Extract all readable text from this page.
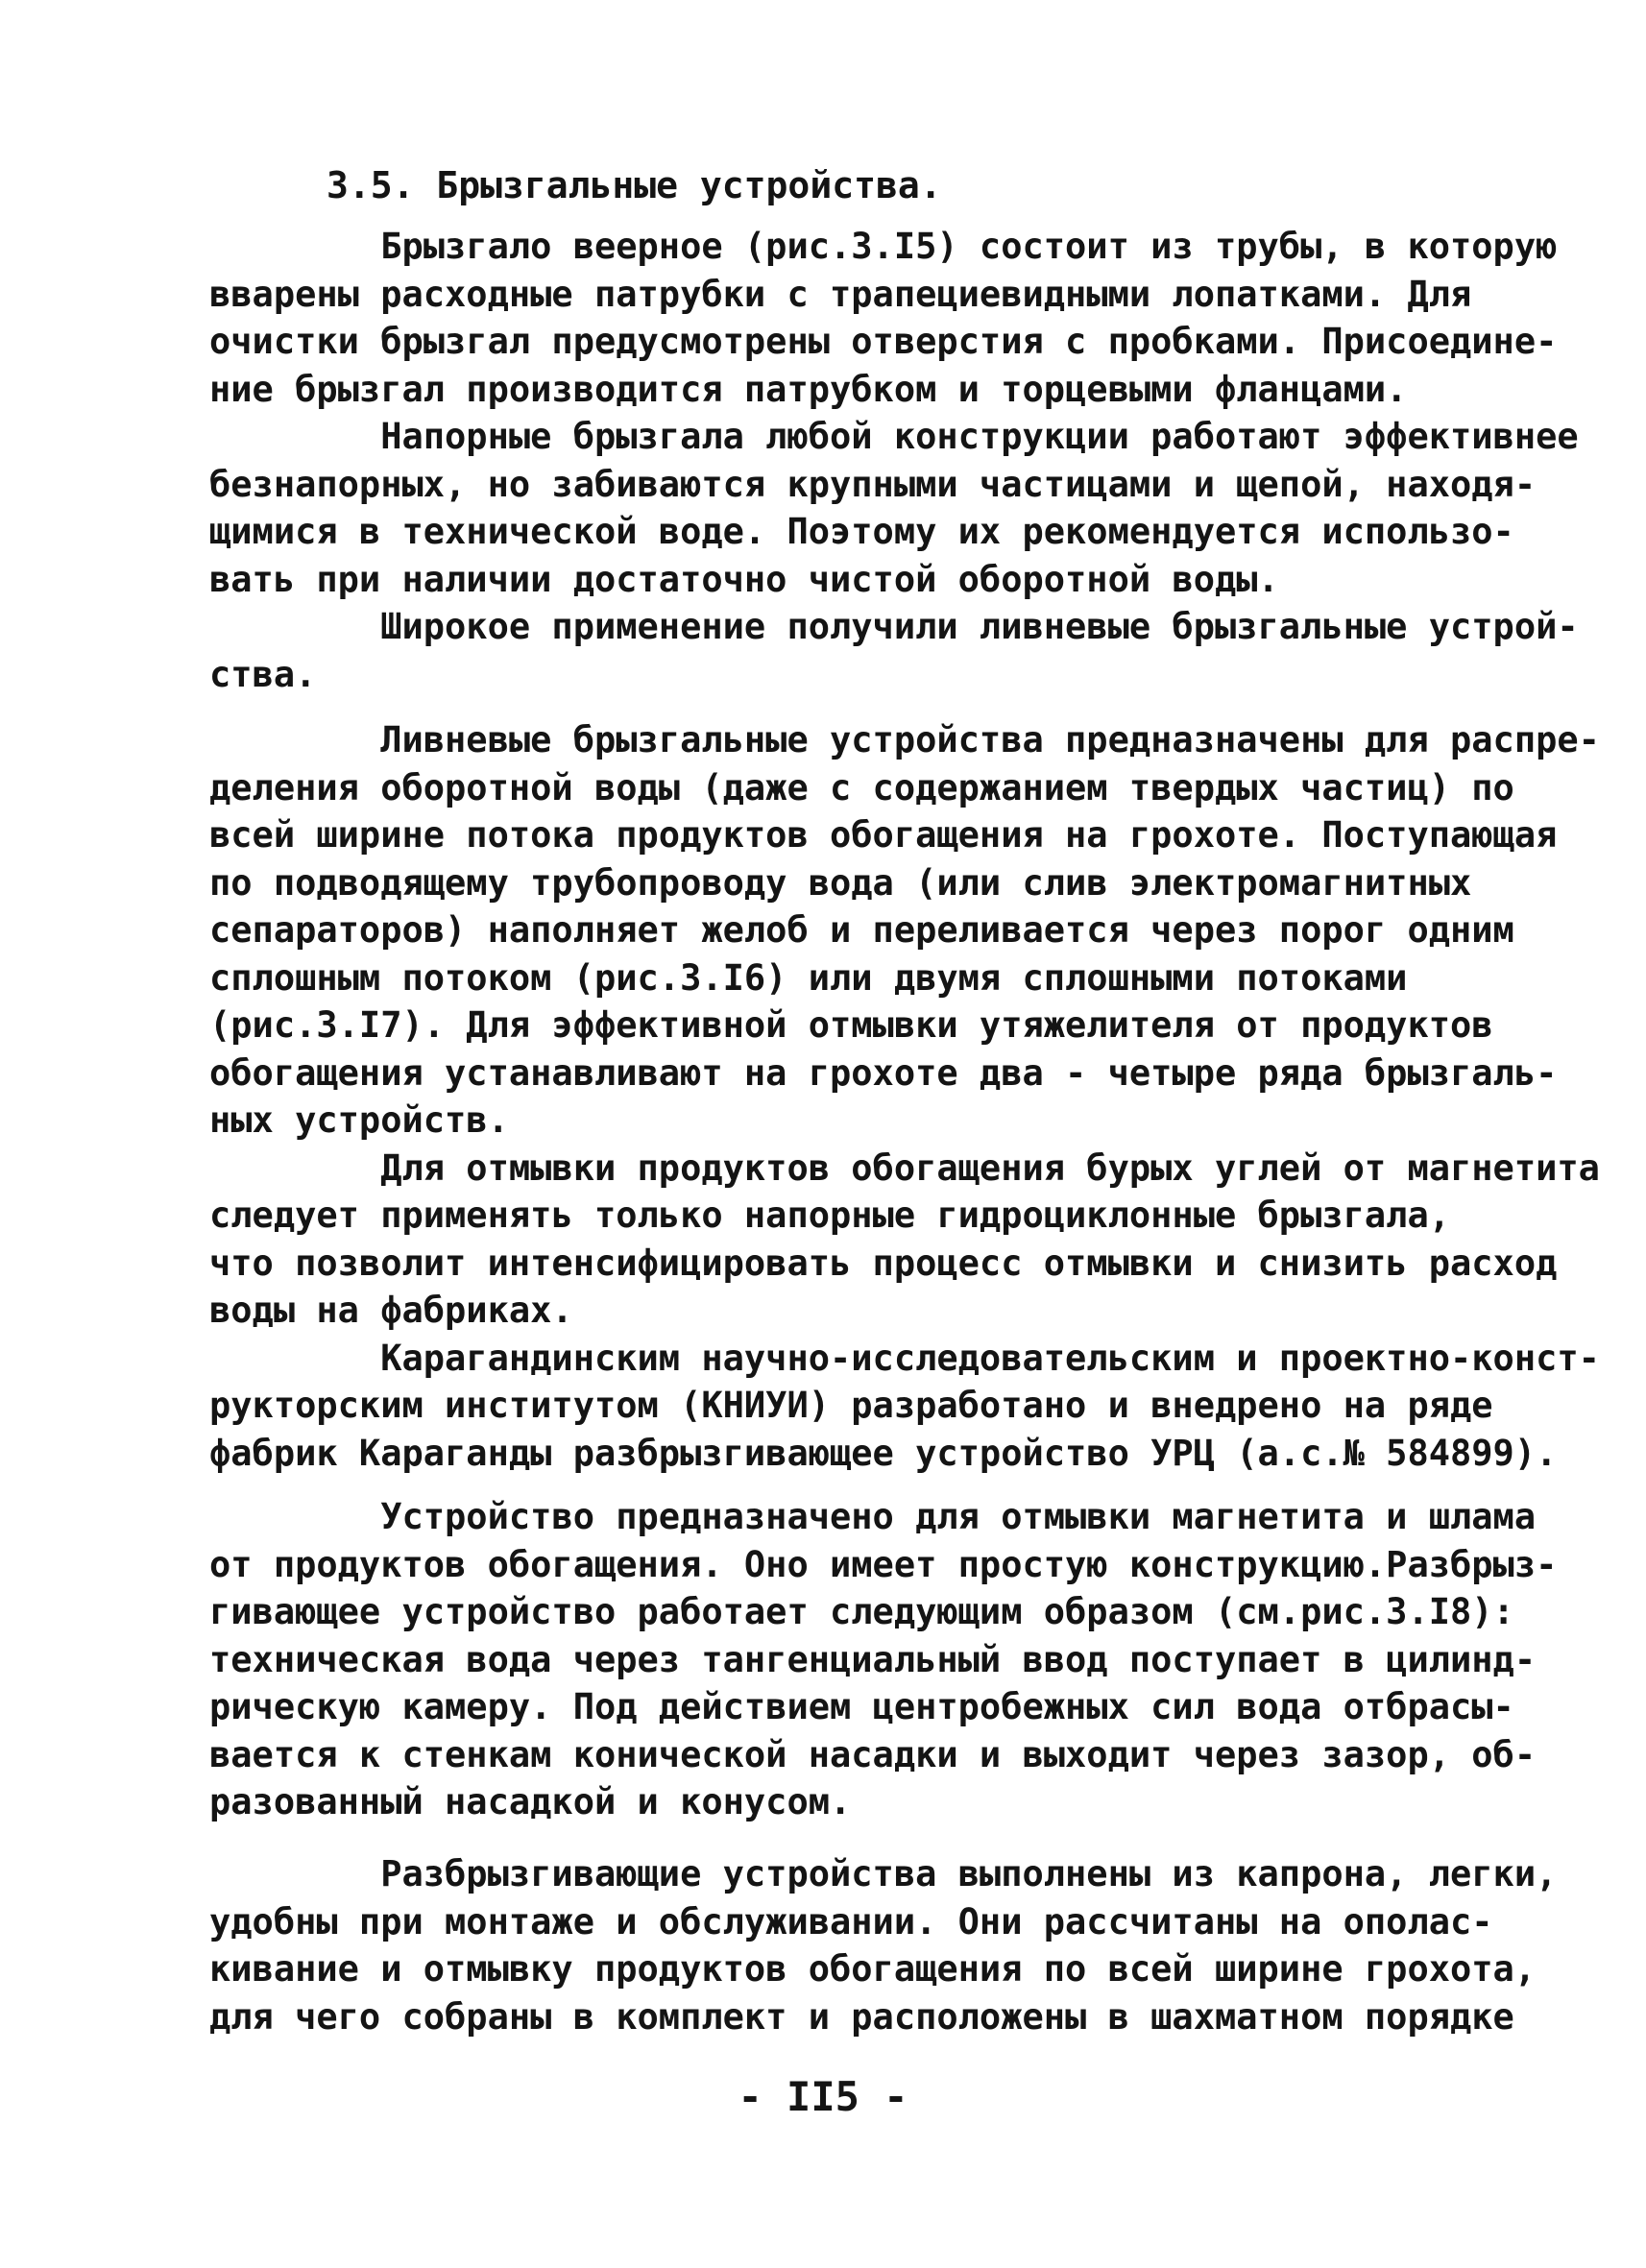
3.5. Брызгальные устройства.
Брызгало веерное (рис.3.I5) состоит из трубы, в которую
вварены расходные патрубки с трапециевидными лопатками. Для
очистки брызгал предусмотрены отверстия с пробками. Присоедине-
ние брызгал производится патрубком и торцевыми фланцами.
Напорные брызгала любой конструкции работают эффективнее
безнапорных, но забиваются крупными частицами и щепой, находя-
щимися в технической воде. Поэтому их рекомендуется использо-
вать при наличии достаточно чистой оборотной воды.
Широкое применение получили ливневые брызгальные устрой-
ства.
Ливневые брызгальные устройства предназначены для распре-
деления оборотной воды (даже с содержанием твердых частиц) по
всей ширине потока продуктов обогащения на грохоте. Поступающая
по подводящему трубопроводу вода (или слив электромагнитных
сепараторов) наполняет желоб и переливается через порог одним
сплошным потоком (рис.3.I6) или двумя сплошными потоками
(рис.3.I7). Для эффективной отмывки утяжелителя от продуктов
обогащения устанавливают на грохоте два - четыре ряда брызгаль-
ных устройств.
Для отмывки продуктов обогащения бурых углей от магнетита
следует применять только напорные гидроциклонные брызгала,
что позволит интенсифицировать процесс отмывки и снизить расход
воды на фабриках.
Карагандинским научно-исследовательским и проектно-конст-
рукторским институтом (КНИУИ) разработано и внедрено на ряде
фабрик Караганды разбрызгивающее устройство УРЦ (а.с.№ 584899).
Устройство предназначено для отмывки магнетита и шлама
от продуктов обогащения. Оно имеет простую конструкцию.Разбрыз-
гивающее устройство работает следующим образом (см.рис.3.I8):
техническая вода через тангенциальный ввод поступает в цилинд-
рическую камеру. Под действием центробежных сил вода отбрасы-
вается к стенкам конической насадки и выходит через зазор, об-
разованный насадкой и конусом.
Разбрызгивающие устройства выполнены из капрона, легки,
удобны при монтаже и обслуживании. Они рассчитаны на ополас-
кивание и отмывку продуктов обогащения по всей ширине грохота,
для чего собраны в комплект и расположены в шахматном порядке
- II5 -
